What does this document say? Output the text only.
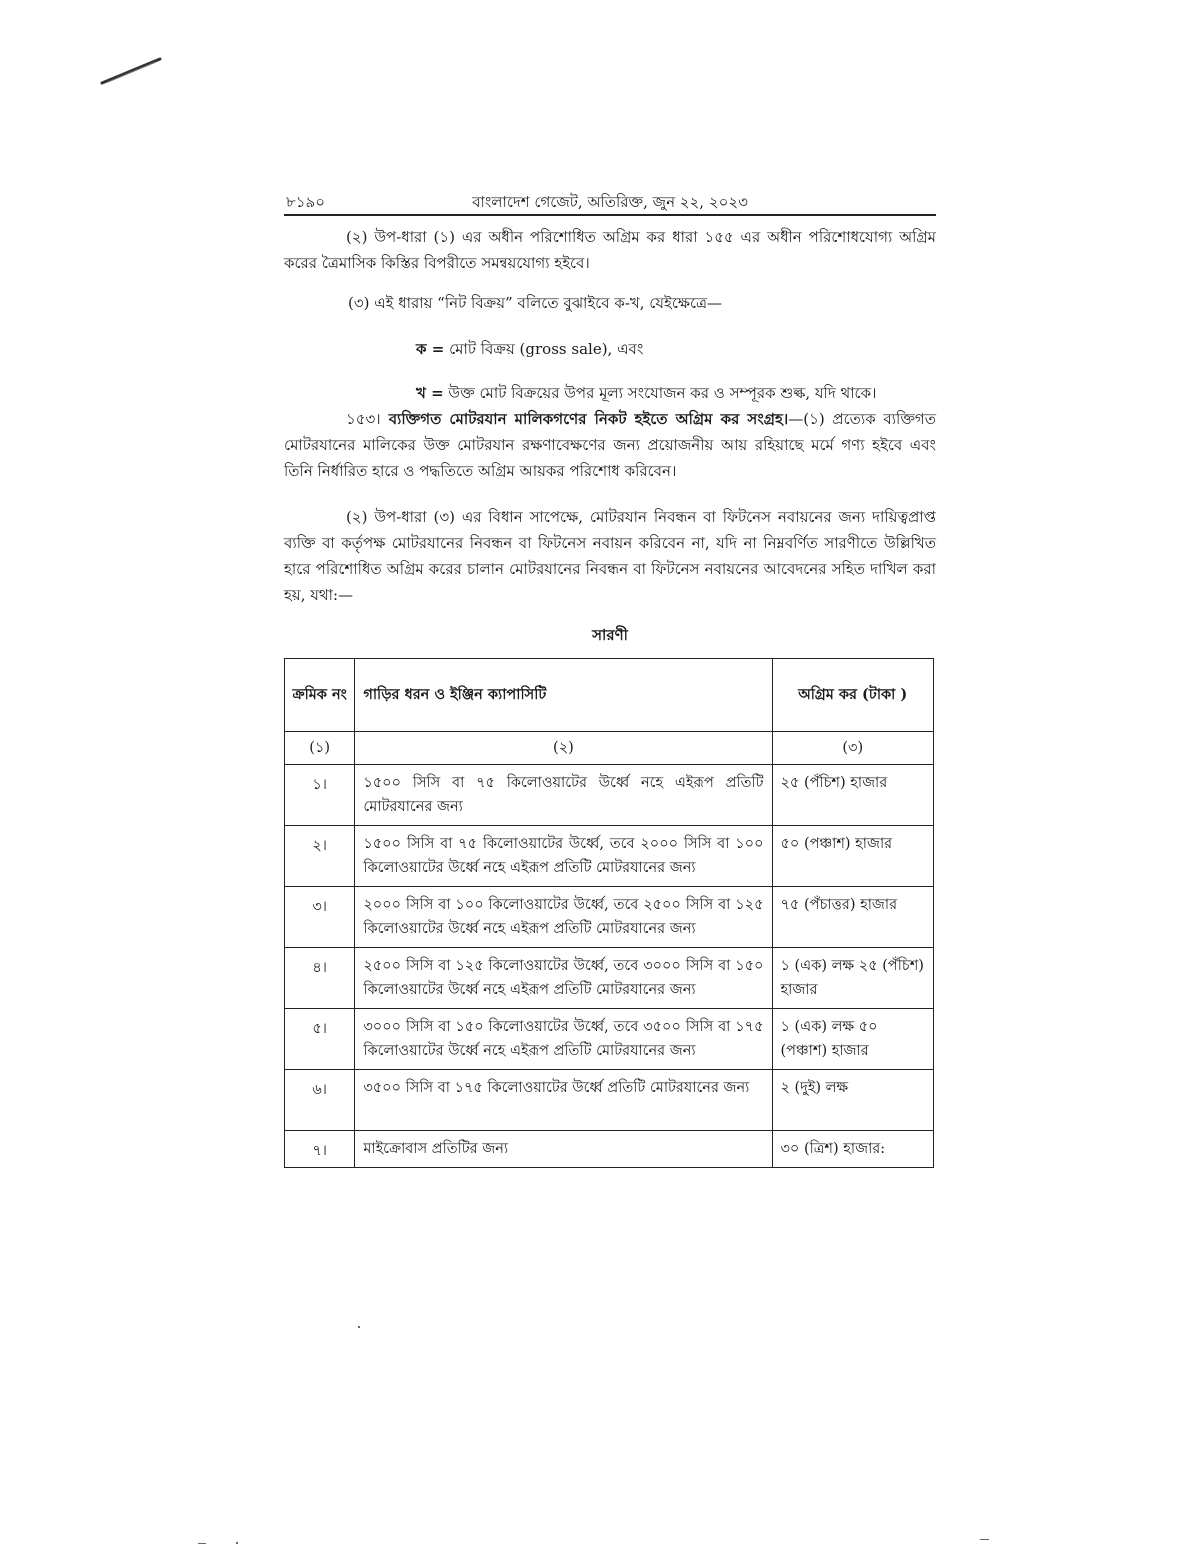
৮১৯০	বাংলাদেশ গেজেট, অতিরিক্ত, জুন ২২, ২০২৩

(২) উপ-ধারা (১) এর অধীন পরিশোধিত অগ্রিম কর ধারা ১৫৫ এর অধীন পরিশোধযোগ্য অগ্রিম করের ত্রৈমাসিক কিস্তির বিপরীতে সমন্বয়যোগ্য হইবে।

(৩) এই ধারায় “নিট বিক্রয়” বলিতে বুঝাইবে ক-খ, যেইক্ষেত্রে—

ক = মোট বিক্রয় (gross sale), এবং

খ = উক্ত মোট বিক্রয়ের উপর মূল্য সংযোজন কর ও সম্পূরক শুল্ক, যদি থাকে।

১৫৩। ব্যক্তিগত মোটরযান মালিকগণের নিকট হইতে অগ্রিম কর সংগ্রহ।—(১) প্রত্যেক ব্যক্তিগত মোটরযানের মালিকের উক্ত মোটরযান রক্ষণাবেক্ষণের জন্য প্রয়োজনীয় আয় রহিয়াছে মর্মে গণ্য হইবে এবং তিনি নির্ধারিত হারে ও পদ্ধতিতে অগ্রিম আয়কর পরিশোধ করিবেন।

(২) উপ-ধারা (৩) এর বিধান সাপেক্ষে, মোটরযান নিবন্ধন বা ফিটনেস নবায়নের জন্য দায়িত্বপ্রাপ্ত ব্যক্তি বা কর্তৃপক্ষ মোটরযানের নিবন্ধন বা ফিটনেস নবায়ন করিবেন না, যদি না নিম্নবর্ণিত সারণীতে উল্লিখিত হারে পরিশোধিত অগ্রিম করের চালান মোটরযানের নিবন্ধন বা ফিটনেস নবায়নের আবেদনের সহিত দাখিল করা হয়, যথা:—

সারণী
ক্রমিক নং	গাড়ির ধরন ও ইঞ্জিন ক্যাপাসিটি	অগ্রিম কর (টাকা )
(১)	(২)	(৩)
১।	১৫০০ সিসি বা ৭৫ কিলোওয়াটের উর্ধ্বে নহে এইরূপ প্রতিটি মোটরযানের জন্য	২৫ (পঁচিশ) হাজার
২।	১৫০০ সিসি বা ৭৫ কিলোওয়াটের উর্ধ্বে, তবে ২০০০ সিসি বা ১০০ কিলোওয়াটের উর্ধ্বে নহে এইরূপ প্রতিটি মোটরযানের জন্য	৫০ (পঞ্চাশ) হাজার
৩।	২০০০ সিসি বা ১০০ কিলোওয়াটের উর্ধ্বে, তবে ২৫০০ সিসি বা ১২৫ কিলোওয়াটের উর্ধ্বে নহে এইরূপ প্রতিটি মোটরযানের জন্য	৭৫ (পঁচাত্তর) হাজার
৪।	২৫০০ সিসি বা ১২৫ কিলোওয়াটের উর্ধ্বে, তবে ৩০০০ সিসি বা ১৫০ কিলোওয়াটের উর্ধ্বে নহে এইরূপ প্রতিটি মোটরযানের জন্য	১ (এক) লক্ষ ২৫ (পঁচিশ) হাজার
৫।	৩০০০ সিসি বা ১৫০ কিলোওয়াটের উর্ধ্বে, তবে ৩৫০০ সিসি বা ১৭৫ কিলোওয়াটের উর্ধ্বে নহে এইরূপ প্রতিটি মোটরযানের জন্য	১ (এক) লক্ষ ৫০ (পঞ্চাশ) হাজার
৬।	৩৫০০ সিসি বা ১৭৫ কিলোওয়াটের উর্ধ্বে প্রতিটি মোটরযানের জন্য	২ (দুই) লক্ষ
৭।	মাইক্রোবাস প্রতিটির জন্য	৩০ (ত্রিশ) হাজার:
